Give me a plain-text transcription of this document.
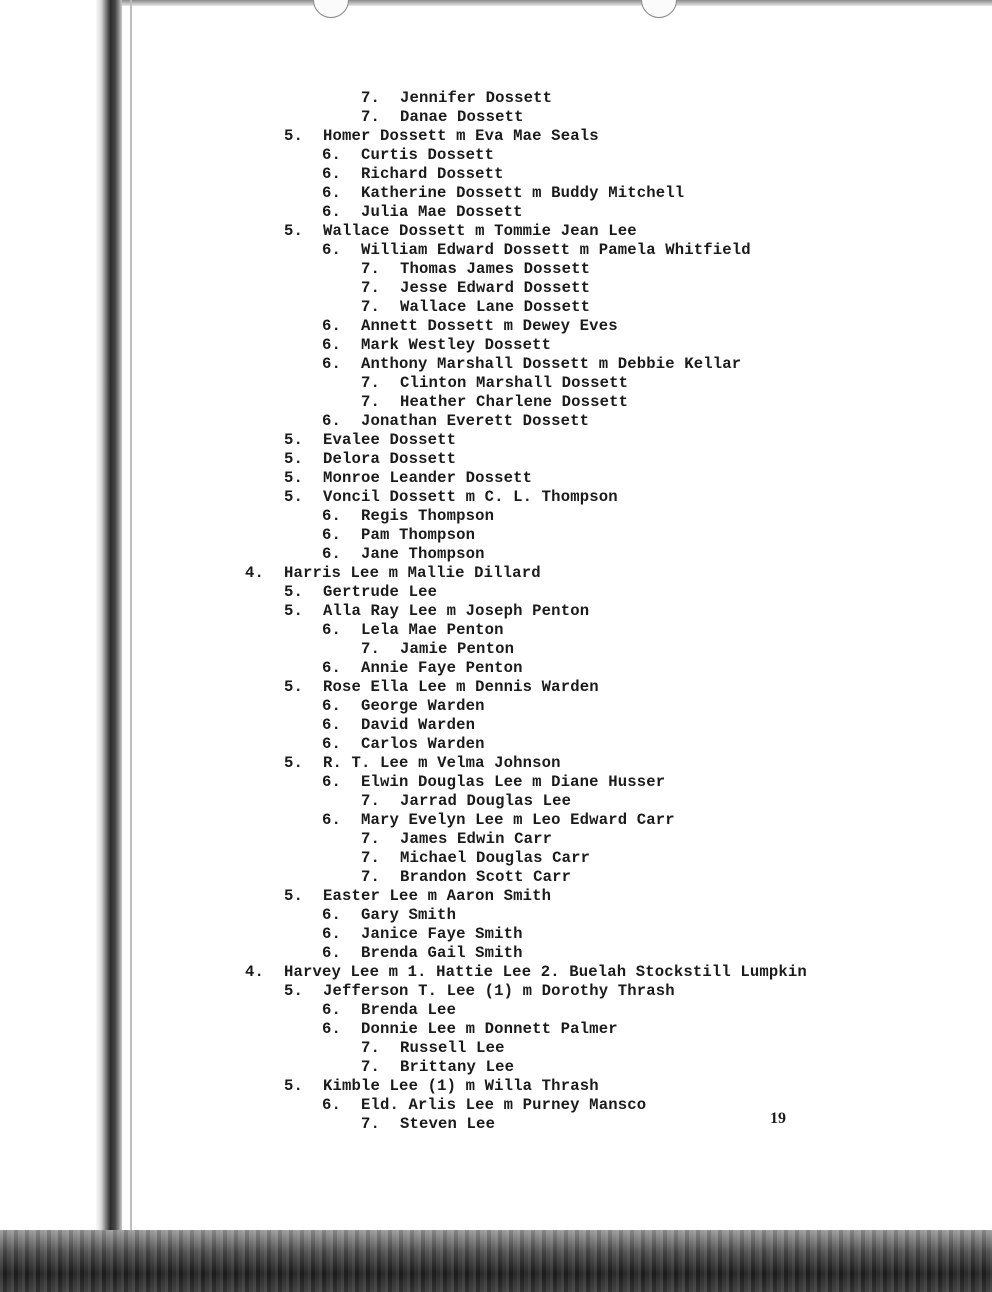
7. Jennifer Dossett
7. Danae Dossett
5. Homer Dossett m Eva Mae Seals
6. Curtis Dossett
6. Richard Dossett
6. Katherine Dossett m Buddy Mitchell
6. Julia Mae Dossett
5. Wallace Dossett m Tommie Jean Lee
6. William Edward Dossett m Pamela Whitfield
7. Thomas James Dossett
7. Jesse Edward Dossett
7. Wallace Lane Dossett
6. Annett Dossett m Dewey Eves
6. Mark Westley Dossett
6. Anthony Marshall Dossett m Debbie Kellar
7. Clinton Marshall Dossett
7. Heather Charlene Dossett
6. Jonathan Everett Dossett
5. Evalee Dossett
5. Delora Dossett
5. Monroe Leander Dossett
5. Voncil Dossett m C. L. Thompson
6. Regis Thompson
6. Pam Thompson
6. Jane Thompson
4. Harris Lee m Mallie Dillard
5. Gertrude Lee
5. Alla Ray Lee m Joseph Penton
6. Lela Mae Penton
7. Jamie Penton
6. Annie Faye Penton
5. Rose Ella Lee m Dennis Warden
6. George Warden
6. David Warden
6. Carlos Warden
5. R. T. Lee m Velma Johnson
6. Elwin Douglas Lee m Diane Husser
7. Jarrad Douglas Lee
6. Mary Evelyn Lee m Leo Edward Carr
7. James Edwin Carr
7. Michael Douglas Carr
7. Brandon Scott Carr
5. Easter Lee m Aaron Smith
6. Gary Smith
6. Janice Faye Smith
6. Brenda Gail Smith
4. Harvey Lee m 1. Hattie Lee 2. Buelah Stockstill Lumpkin
5. Jefferson T. Lee (1) m Dorothy Thrash
6. Brenda Lee
6. Donnie Lee m Donnett Palmer
7. Russell Lee
7. Brittany Lee
5. Kimble Lee (1) m Willa Thrash
6. Eld. Arlis Lee m Purney Mansco
7. Steven Lee	19
